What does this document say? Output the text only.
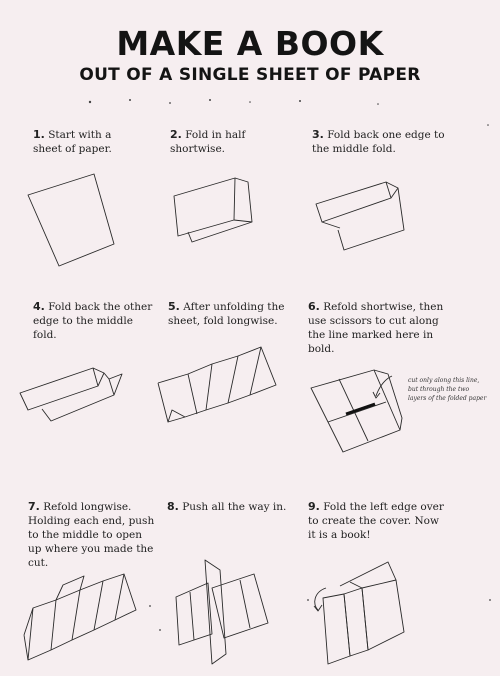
MAKE A BOOK
OUT OF A SINGLE SHEET OF PAPER
1. Start with a sheet of paper.
2. Fold in half shortwise.
3. Fold back one edge to the middle fold.
4. Fold back the other edge to the middle fold.
5. After unfolding the sheet, fold longwise.
6. Refold shortwise, then use scissors to cut along the line marked here in bold.
7. Refold longwise. Holding each end, push to the middle to open up where you made the cut.
8. Push all the way in.	9. Fold the left edge over to create the cover. Now it is a book!
cut only along this line, but through the two layers of the folded paper
